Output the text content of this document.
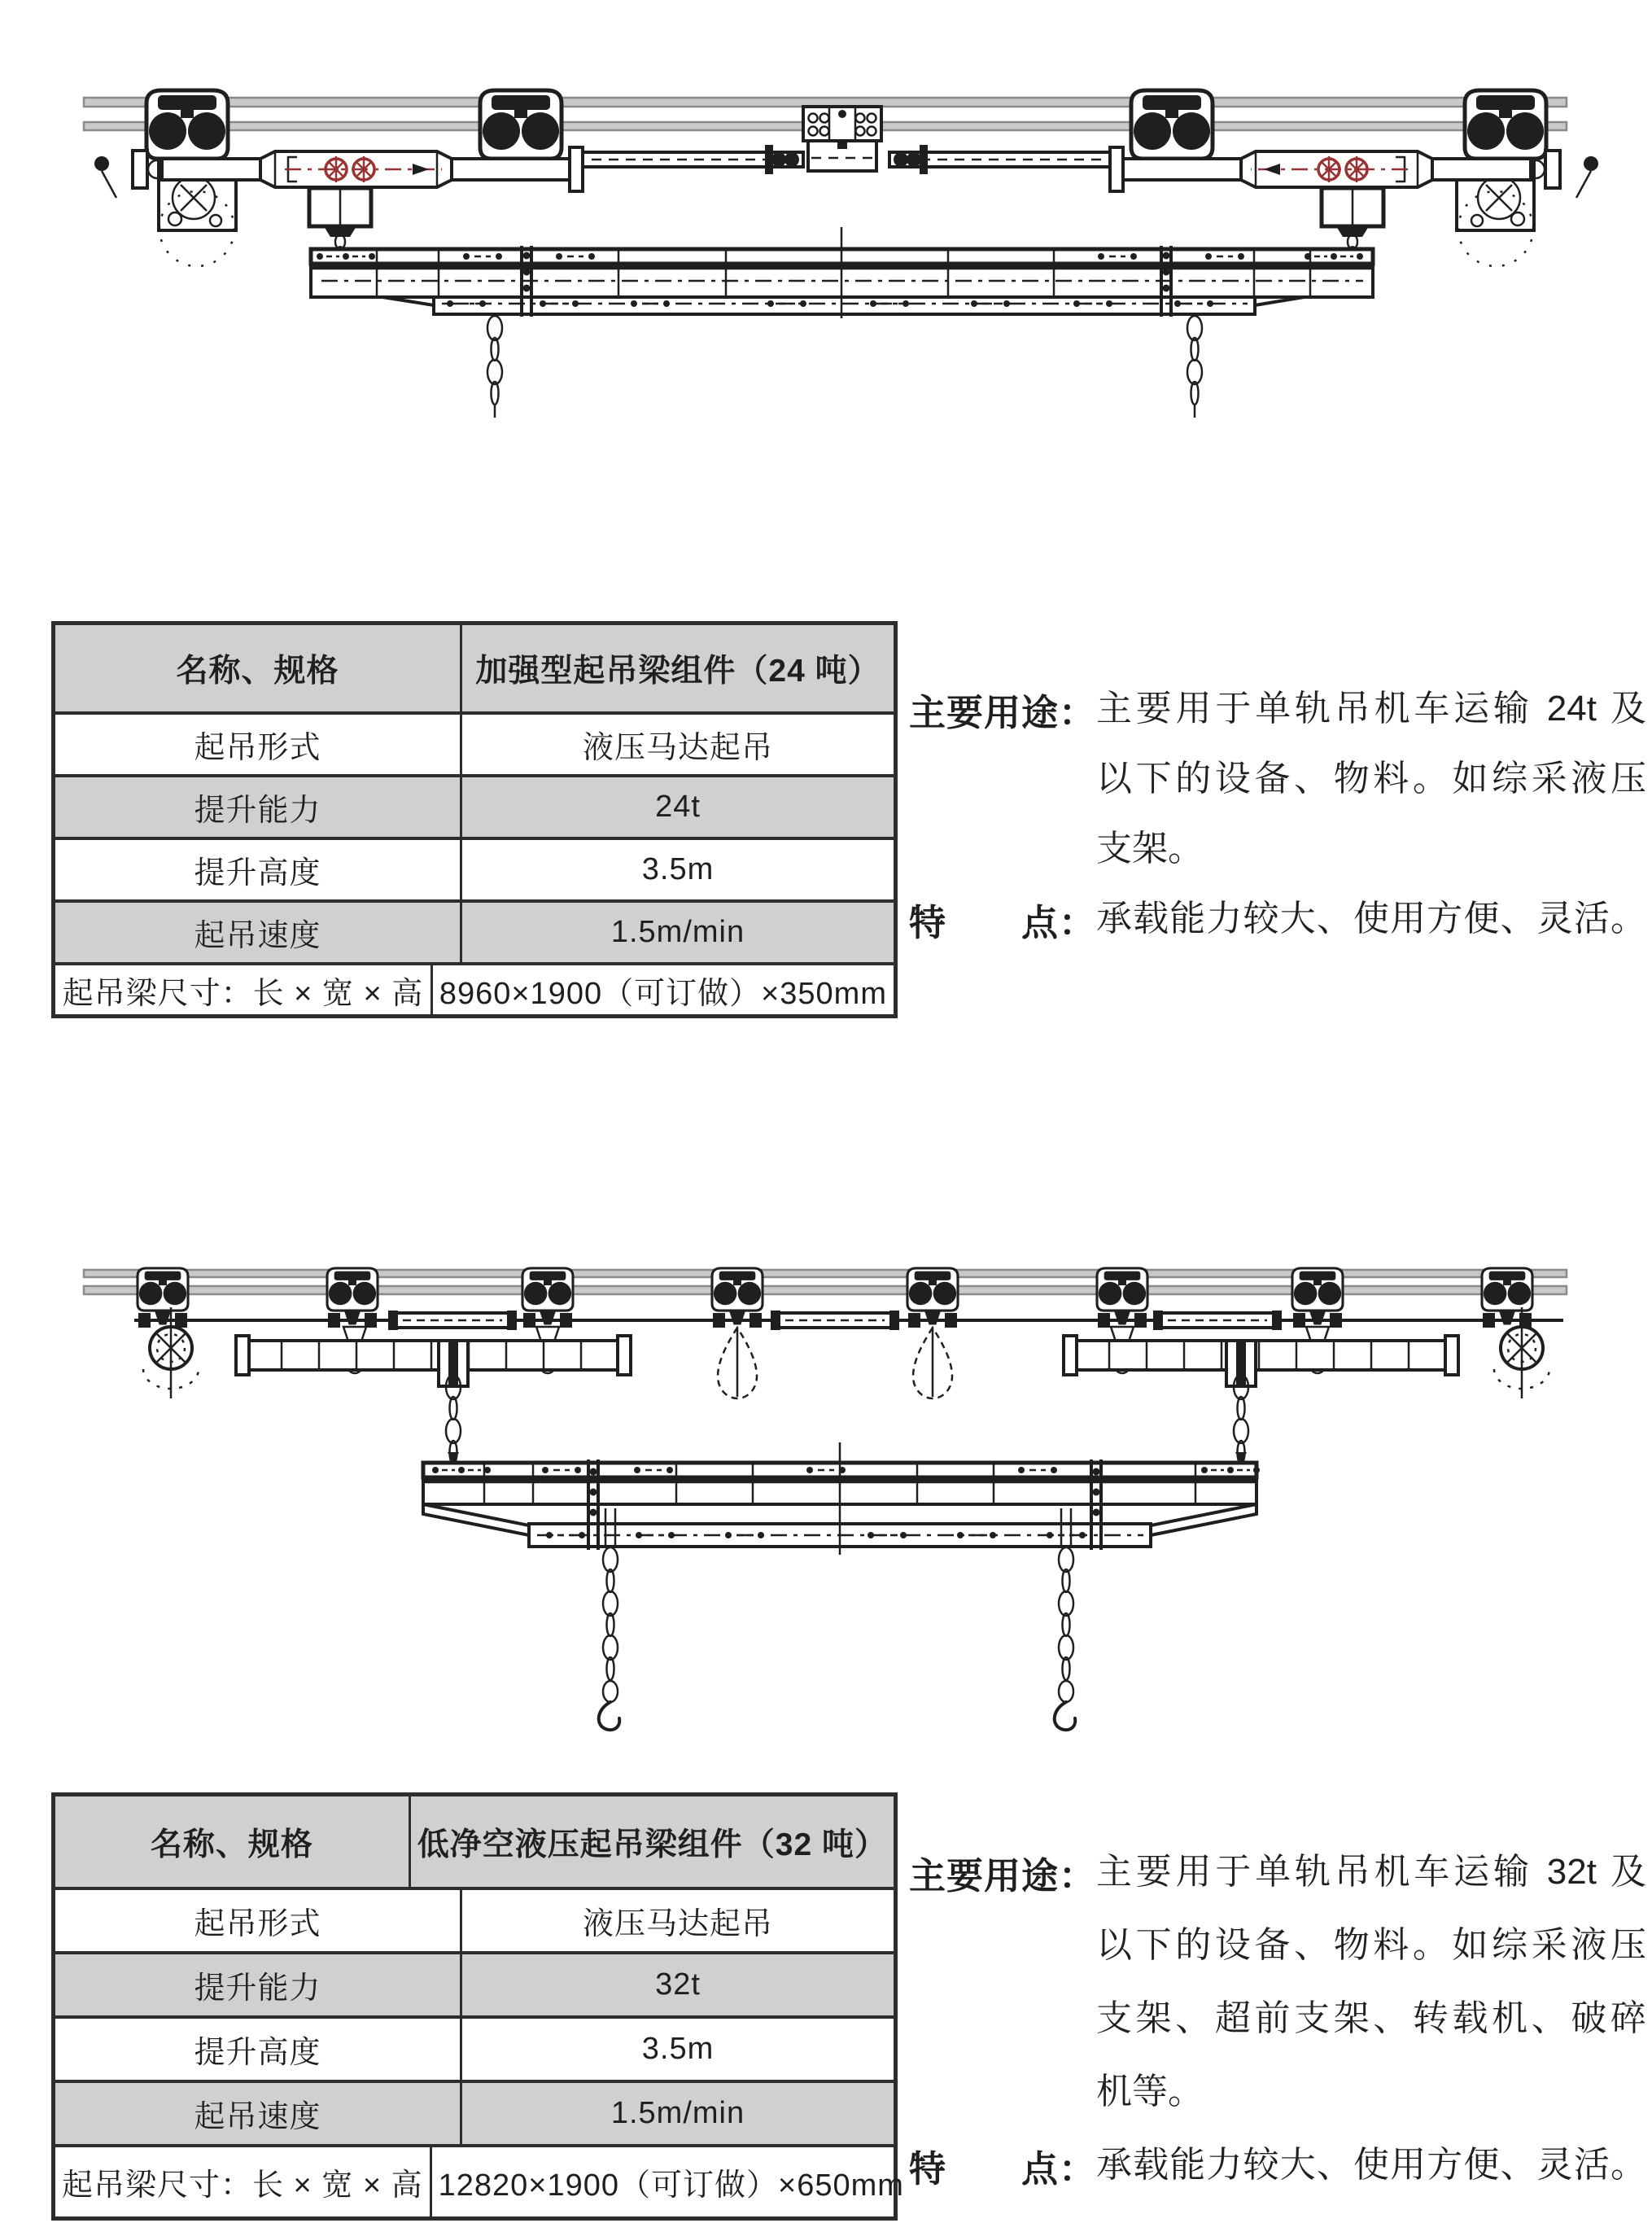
名称、规格	加强型起吊梁组件（24 吨）
起吊形式	液压马达起吊
提升能力	24t
提升高度	3.5m
起吊速度	1.5m/min
起吊梁尺寸：长 × 宽 × 高 8960×1900（可订做）×350mm
主要用途： 主要用于单轨吊机车运输 24t 及
以下的设备、物料。如综采液压
支架。
特 点： 承载能力较大、使用方便、灵活。
名称、规格	低净空液压起吊梁组件（32 吨）
起吊形式	液压马达起吊
提升能力	32t
提升高度	3.5m
起吊速度	1.5m/min
起吊梁尺寸：长 × 宽 × 高 12820×1900（可订做）×650mm
主要用途： 主要用于单轨吊机车运输 32t 及
以下的设备、物料。如综采液压
支架、超前支架、转载机、破碎
机等。
特 点： 承载能力较大、使用方便、灵活。
